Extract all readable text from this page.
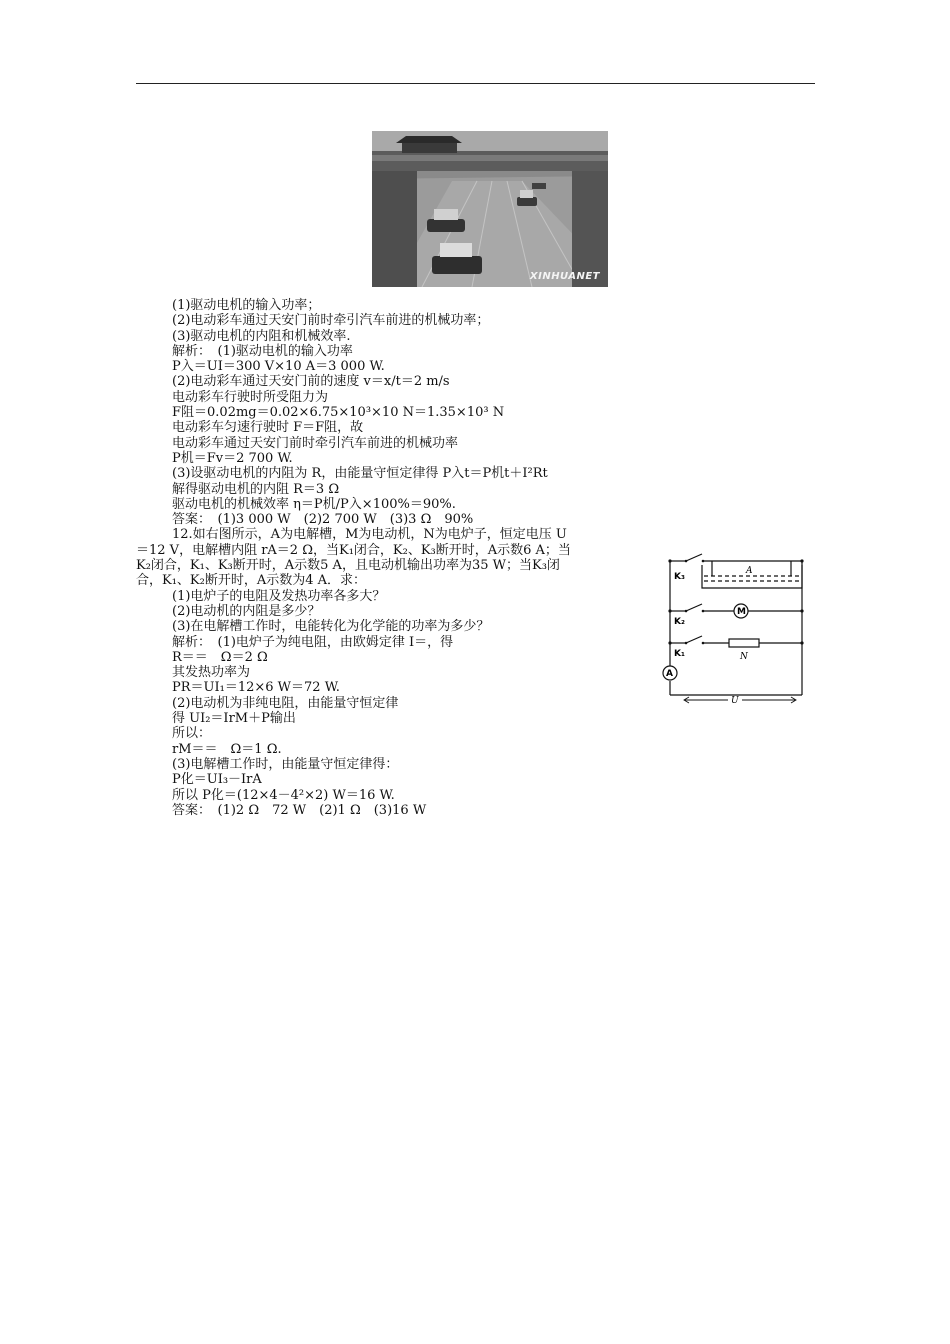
XINHUANET
(1)驱动电机的输入功率；
(2)电动彩车通过天安门前时牵引汽车前进的机械功率；
(3)驱动电机的内阻和机械效率.
解析：　(1)驱动电机的输入功率
P入＝UI＝300 V×10 A＝3 000 W.
(2)电动彩车通过天安门前的速度 v＝x/t＝2 m/s
电动彩车行驶时所受阻力为
F阻＝0.02mg＝0.02×6.75×10³×10 N＝1.35×10³ N
电动彩车匀速行驶时 F＝F阻，故
电动彩车通过天安门前时牵引汽车前进的机械功率
P机＝Fv＝2 700 W.
(3)设驱动电机的内阻为 R，由能量守恒定律得 P入t＝P机t＋I²Rt
解得驱动电机的内阻 R＝3 Ω
驱动电机的机械效率 η＝P机/P入×100%＝90%.
答案：　(1)3 000 W　(2)2 700 W　(3)3 Ω　90%
12.如右图所示，A为电解槽，M为电动机，N为电炉子，恒定电压 U
＝12 V，电解槽内阻 rA＝2 Ω，当K₁闭合，K₂、K₃断开时，A示数6 A；当
K₂闭合，K₁、K₃断开时，A示数5 A，且电动机输出功率为35 W；当K₃闭
合，K₁、K₂断开时，A示数为4 A．求：
(1)电炉子的电阻及发热功率各多大？
(2)电动机的内阻是多少？
(3)在电解槽工作时，电能转化为化学能的功率为多少？
解析：　(1)电炉子为纯电阻，由欧姆定律 I＝，得
R＝＝　Ω＝2 Ω
其发热功率为
PR＝UI₁＝12×6 W＝72 W.
(2)电动机为非纯电阻，由能量守恒定律
得 UI₂＝IrM＋P输出
所以：
rM＝＝　Ω＝1 Ω.
(3)电解槽工作时，由能量守恒定律得：
P化＝UI₃－IrA
所以 P化＝(12×4－4²×2) W＝16 W.
答案：　(1)2 Ω　72 W　(2)1 Ω　(3)16 W
K₃
A
K₂
M
K₁	N
A
U
